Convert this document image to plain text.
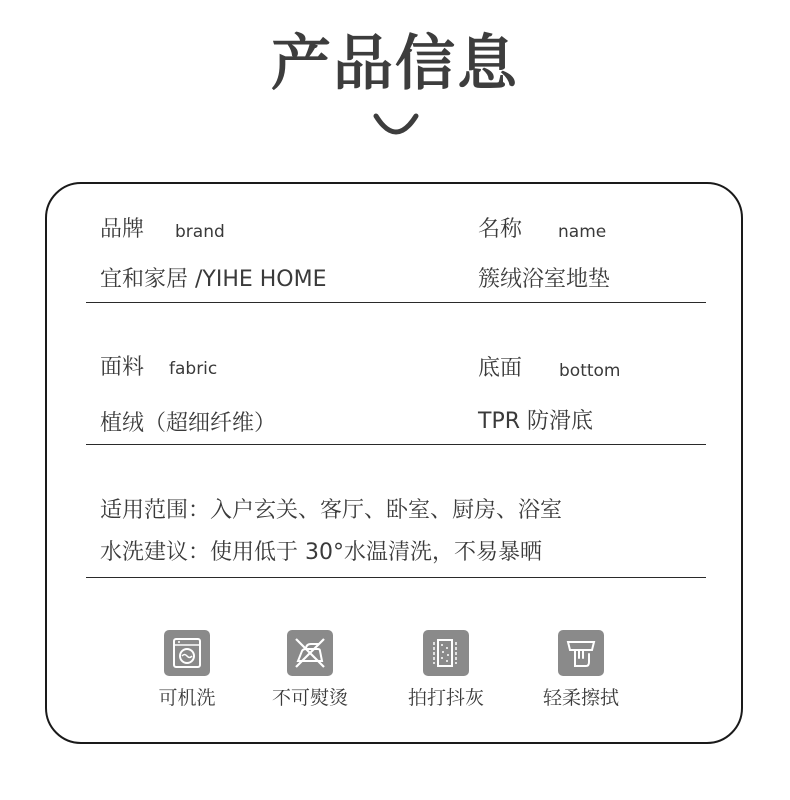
产品信息
品牌 brand
宜和家居 /YIHE HOME
名称 name
簇绒浴室地垫
面料 fabric
植绒（超细纤维）
底面 bottom
TPR 防滑底
适用范围：入户玄关、客厅、卧室、厨房、浴室
水洗建议：使用低于 30°水温清洗，不易暴晒
可机洗	不可熨烫	拍打抖灰	轻柔擦拭
